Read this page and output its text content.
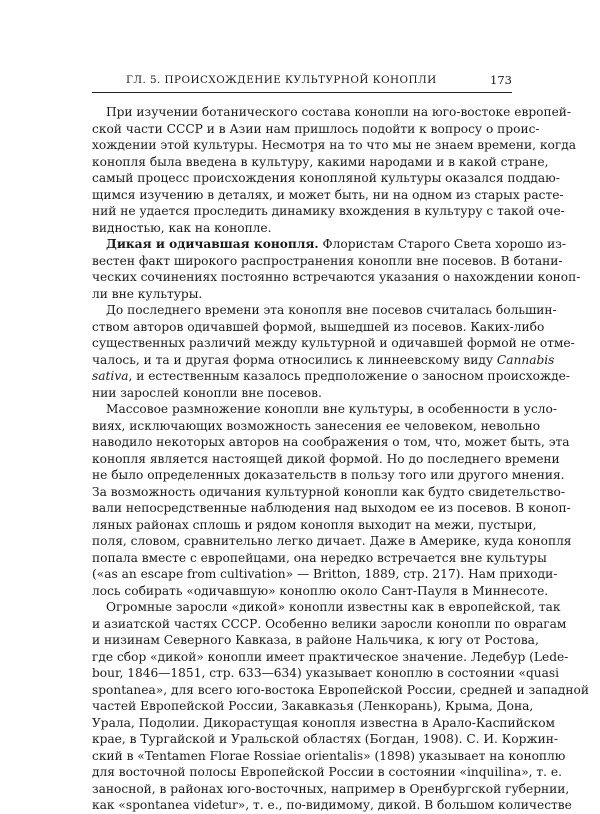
ГЛ. 5. ПРОИСХОЖДЕНИЕ КУЛЬТУРНОЙ КОНОПЛИ	173
При изучении ботанического состава конопли на юго-востоке европей-
ской части СССР и в Азии нам пришлось подойти к вопросу о проис-
хождении этой культуры. Несмотря на то что мы не знаем времени, когда
конопля была введена в культуру, какими народами и в какой стране,
самый процесс происхождения конопляной культуры оказался поддаю-
щимся изучению в деталях, и может быть, ни на одном из старых расте-
ний не удается проследить динамику вхождения в культуру с такой оче-
видностью, как на конопле.
Дикая и одичавшая конопля. Флористам Старого Света хорошо из-
вестен факт широкого распространения конопли вне посевов. В ботани-
ческих сочинениях постоянно встречаются указания о нахождении коноп-
ли вне культуры.
До последнего времени эта конопля вне посевов считалась большин-
ством авторов одичавшей формой, вышедшей из посевов. Каких-либо
существенных различий между культурной и одичавшей формой не отме-
чалось, и та и другая форма относились к линнеевскому виду Cannabis
sativa, и естественным казалось предположение о заносном происхожде-
нии зарослей конопли вне посевов.
Массовое размножение конопли вне культуры, в особенности в усло-
виях, исключающих возможность занесения ее человеком, невольно
наводило некоторых авторов на соображения о том, что, может быть, эта
конопля является настоящей дикой формой. Но до последнего времени
не было определенных доказательств в пользу того или другого мнения.
За возможность одичания культурной конопли как будто свидетельство-
вали непосредственные наблюдения над выходом ее из посевов. В коноп-
ляных районах сплошь и рядом конопля выходит на межи, пустыри,
поля, словом, сравнительно легко дичает. Даже в Америке, куда конопля
попала вместе с европейцами, она нередко встречается вне культуры
(«as an escape from cultivation» — Britton, 1889, стр. 217). Нам приходи-
лось собирать «одичавшую» коноплю около Сант-Пауля в Миннесоте.
Огромные заросли «дикой» конопли известны как в европейской, так
и азиатской частях СССР. Особенно велики заросли конопли по оврагам
и низинам Северного Кавказа, в районе Нальчика, к югу от Ростова,
где сбор «дикой» конопли имеет практическое значение. Ледебур (Lede-
bour, 1846—1851, стр. 633—634) указывает коноплю в состоянии «quasi
spontanea», для всего юго-востока Европейской России, средней и западной
частей Европейской России, Закавказья (Ленкорань), Крыма, Дона,
Урала, Подолии. Дикорастущая конопля известна в Арало-Каспийском
крае, в Тургайской и Уральской областях (Богдан, 1908). С. И. Коржин-
ский в «Tentamen Florae Rossiae orientalis» (1898) указывает на коноплю
для восточной полосы Европейской России в состоянии «inquilina», т. е.
заносной, в районах юго-восточных, например в Оренбургской губернии,
как «spontanea videtur», т. е., по-видимому, дикой. В большом количестве
